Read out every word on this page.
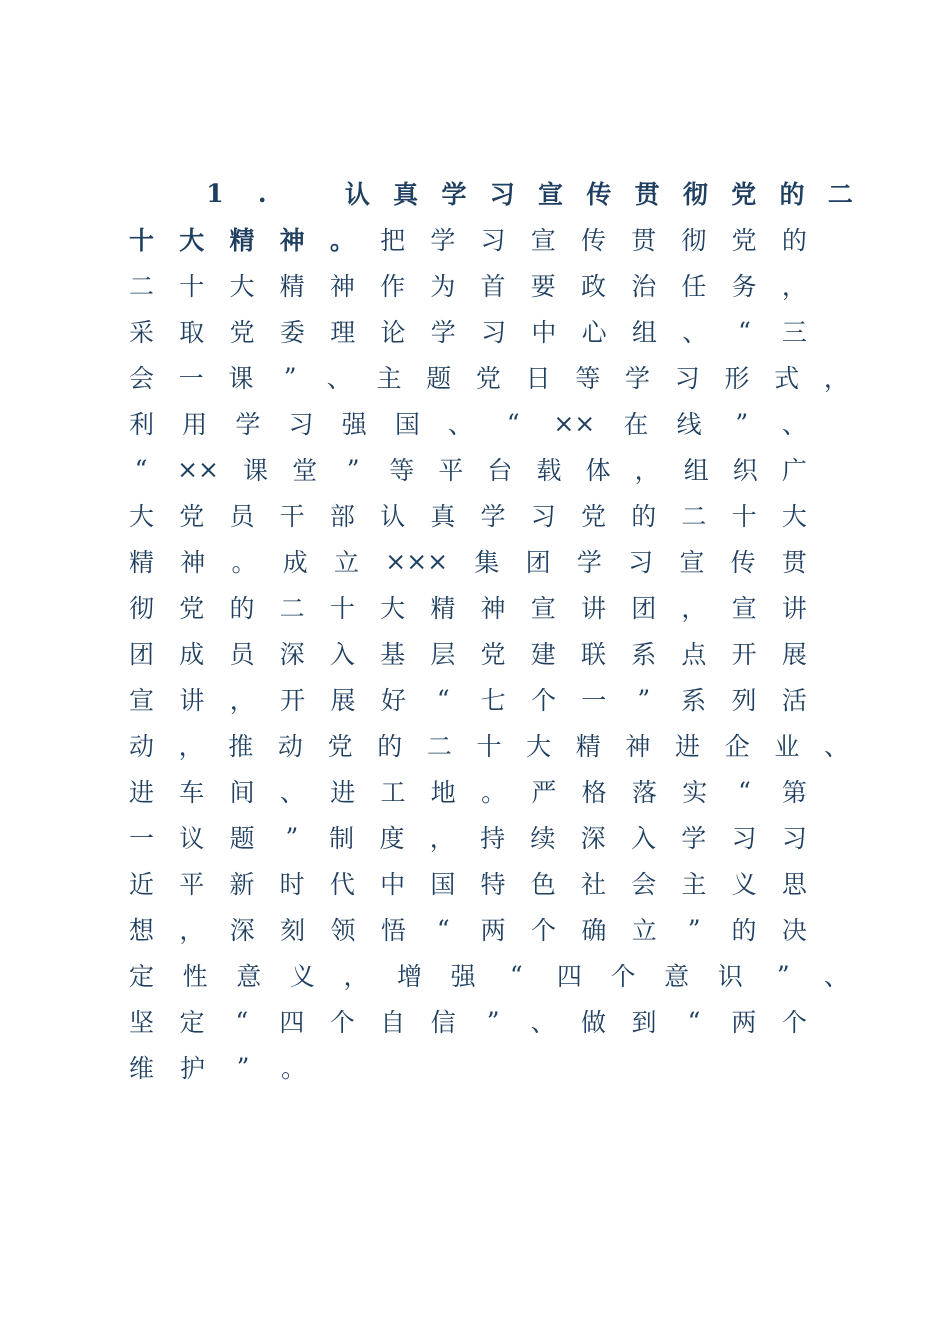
1	.	认 真 学 习 宣 传 贯 彻 党 的 二
十 大 精 神 。 把 学 习 宣 传 贯 彻 党 的
二 十 大 精 神 作 为 首 要 政 治 任 务 ，
采 取 党 委 理 论 学 习 中 心 组 、 “ 三
会 一 课 ” 、 主 题 党 日 等 学 习 形 式 ，
利 用 学 习 强 国 、 “ ×× 在 线 ” 、
“ ×× 课 堂 ” 等 平 台 载 体 ， 组 织 广
大 党 员 干 部 认 真 学 习 党 的 二 十 大
精 神 。 成 立 ××× 集 团 学 习 宣 传 贯
彻 党 的 二 十 大 精 神 宣 讲 团 ， 宣 讲
团 成 员 深 入 基 层 党 建 联 系 点 开 展
宣 讲 ， 开 展 好 “ 七 个 一 ” 系 列 活
动 ， 推 动 党 的 二 十 大 精 神 进 企 业 、
进 车 间 、 进 工 地 。 严 格 落 实 “ 第
一 议 题 ” 制 度 ， 持 续 深 入 学 习 习
近 平 新 时 代 中 国 特 色 社 会 主 义 思
想 ， 深 刻 领 悟 “ 两 个 确 立 ” 的 决
定 性 意 义 ， 增 强 “ 四 个 意 识 ” 、
坚 定 “ 四 个 自 信 ” 、 做 到 “ 两 个
维 护 ” 。
